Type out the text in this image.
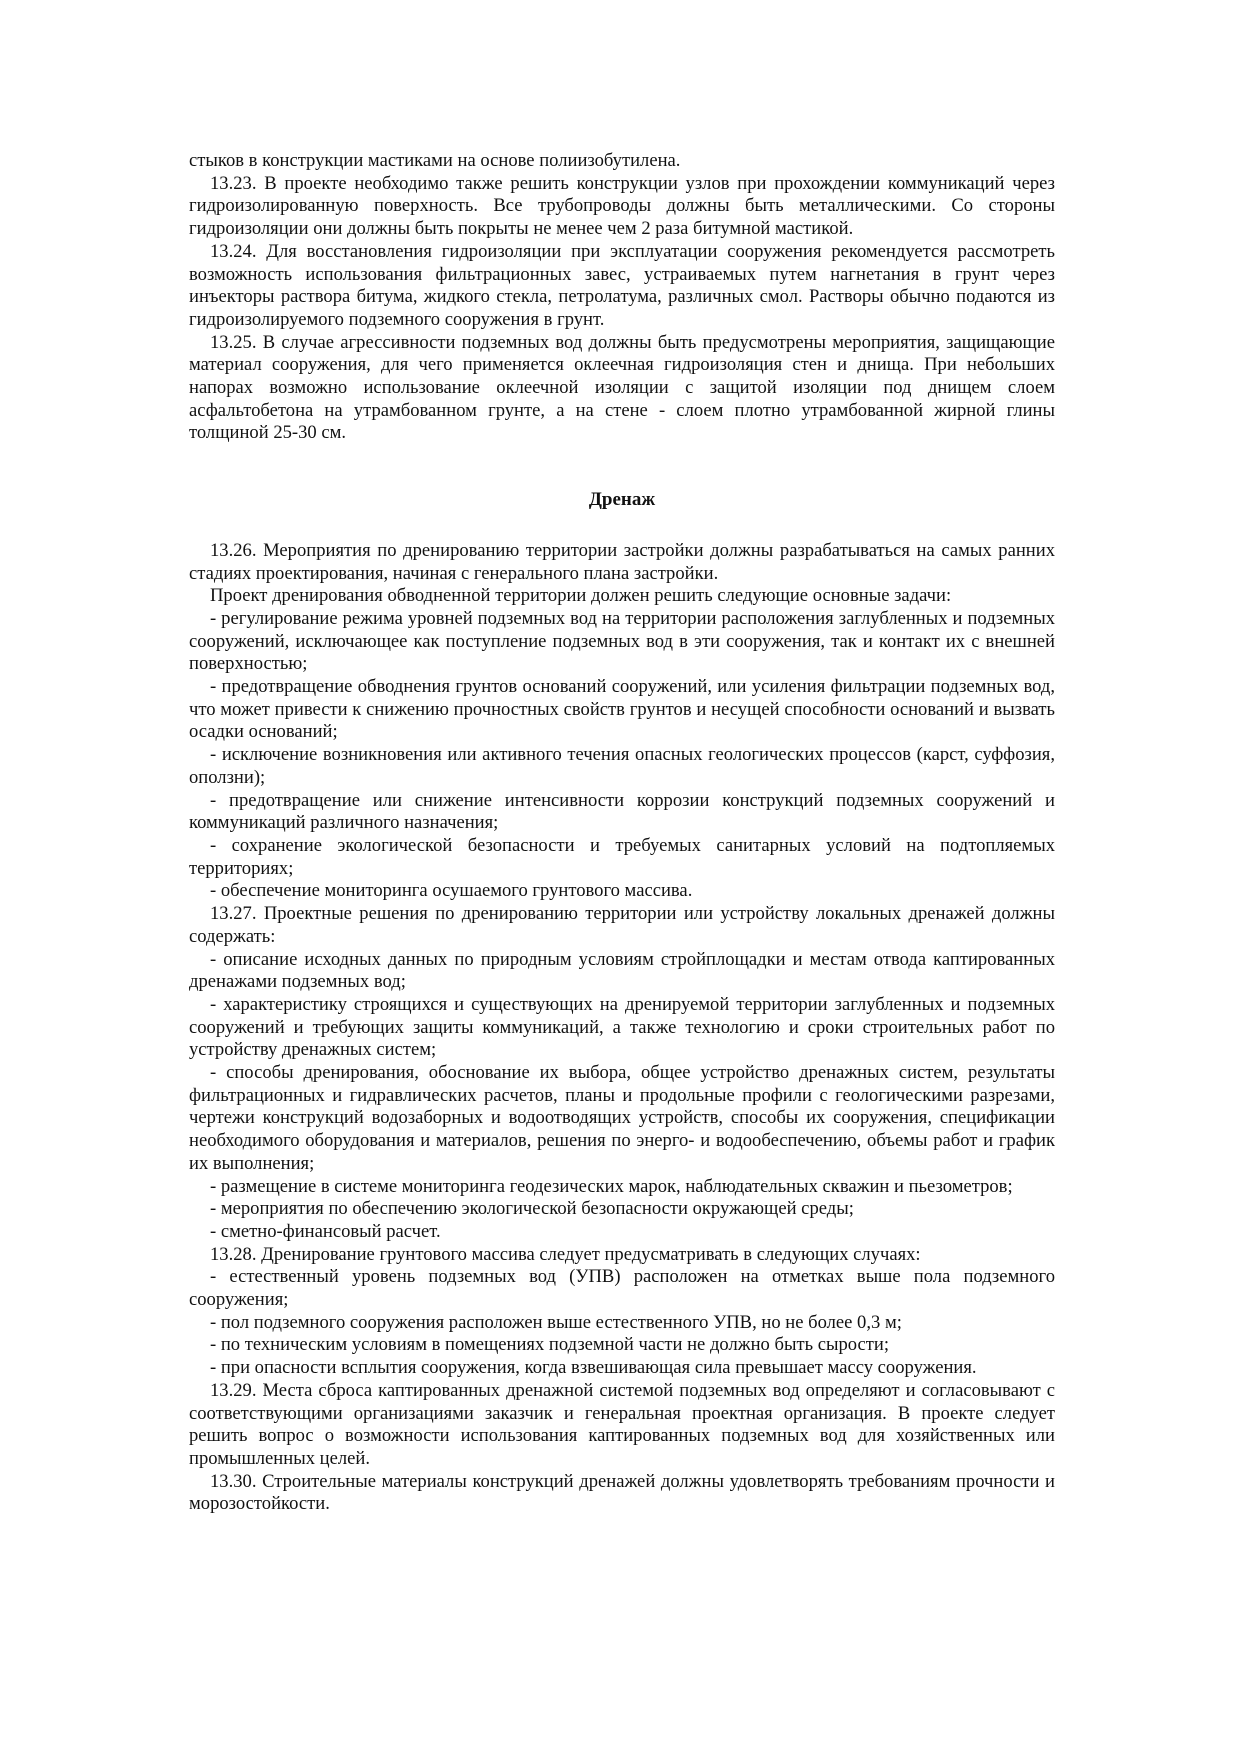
стыков в конструкции мастиками на основе полиизобутилена.

13.23. В проекте необходимо также решить конструкции узлов при прохождении коммуникаций через гидроизолированную поверхность. Все трубопроводы должны быть металлическими. Со стороны гидроизоляции они должны быть покрыты не менее чем 2 раза битумной мастикой.

13.24. Для восстановления гидроизоляции при эксплуатации сооружения рекомендуется рассмотреть возможность использования фильтрационных завес, устраиваемых путем нагнетания в грунт через инъекторы раствора битума, жидкого стекла, петролатума, различных смол. Растворы обычно подаются из гидроизолируемого подземного сооружения в грунт.

13.25. В случае агрессивности подземных вод должны быть предусмотрены мероприятия, защищающие материал сооружения, для чего применяется оклеечная гидроизоляция стен и днища. При небольших напорах возможно использование оклеечной изоляции с защитой изоляции под днищем слоем асфальтобетона на утрамбованном грунте, а на стене - слоем плотно утрамбованной жирной глины толщиной 25-30 см.

Дренаж

13.26. Мероприятия по дренированию территории застройки должны разрабатываться на самых ранних стадиях проектирования, начиная с генерального плана застройки.

Проект дренирования обводненной территории должен решить следующие основные задачи:

- регулирование режима уровней подземных вод на территории расположения заглубленных и подземных сооружений, исключающее как поступление подземных вод в эти сооружения, так и контакт их с внешней поверхностью;

- предотвращение обводнения грунтов оснований сооружений, или усиления фильтрации подземных вод, что может привести к снижению прочностных свойств грунтов и несущей способности оснований и вызвать осадки оснований;

- исключение возникновения или активного течения опасных геологических процессов (карст, суффозия, оползни);

- предотвращение или снижение интенсивности коррозии конструкций подземных сооружений и коммуникаций различного назначения;

- сохранение экологической безопасности и требуемых санитарных условий на подтопляемых территориях;

- обеспечение мониторинга осушаемого грунтового массива.

13.27. Проектные решения по дренированию территории или устройству локальных дренажей должны содержать:

- описание исходных данных по природным условиям стройплощадки и местам отвода каптированных дренажами подземных вод;

- характеристику строящихся и существующих на дренируемой территории заглубленных и подземных сооружений и требующих защиты коммуникаций, а также технологию и сроки строительных работ по устройству дренажных систем;

- способы дренирования, обоснование их выбора, общее устройство дренажных систем, результаты фильтрационных и гидравлических расчетов, планы и продольные профили с геологическими разрезами, чертежи конструкций водозаборных и водоотводящих устройств, способы их сооружения, спецификации необходимого оборудования и материалов, решения по энерго- и водообеспечению, объемы работ и график их выполнения;

- размещение в системе мониторинга геодезических марок, наблюдательных скважин и пьезометров;

- мероприятия по обеспечению экологической безопасности окружающей среды;

- сметно-финансовый расчет.

13.28. Дренирование грунтового массива следует предусматривать в следующих случаях:

- естественный уровень подземных вод (УПВ) расположен на отметках выше пола подземного сооружения;

- пол подземного сооружения расположен выше естественного УПВ, но не более 0,3 м;

- по техническим условиям в помещениях подземной части не должно быть сырости;

- при опасности всплытия сооружения, когда взвешивающая сила превышает массу сооружения.

13.29. Места сброса каптированных дренажной системой подземных вод определяют и согласовывают с соответствующими организациями заказчик и генеральная проектная организация. В проекте следует решить вопрос о возможности использования каптированных подземных вод для хозяйственных или промышленных целей.

13.30. Строительные материалы конструкций дренажей должны удовлетворять требованиям прочности и морозостойкости.
